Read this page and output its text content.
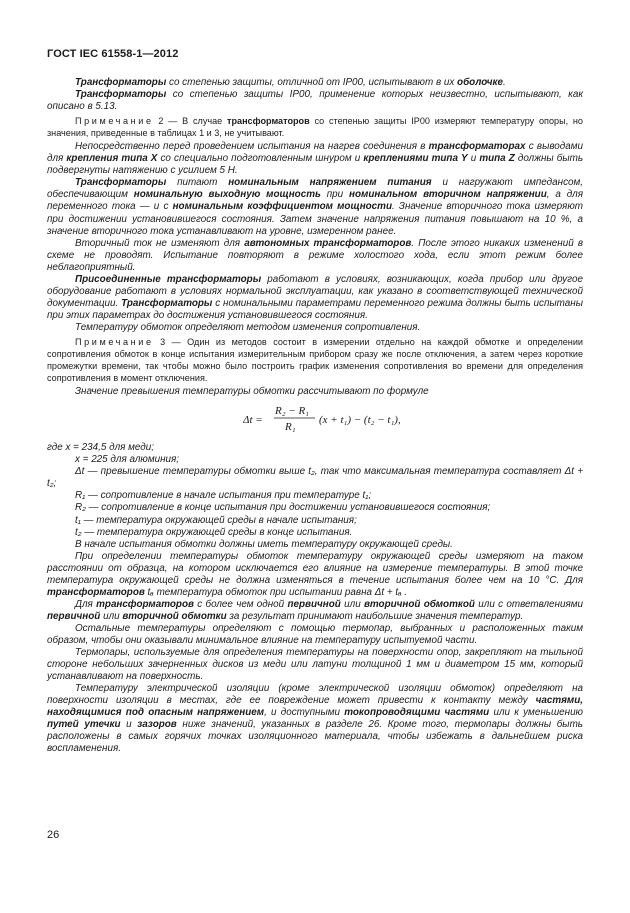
ГОСТ IEC 61558-1—2012

Трансформаторы со степенью защиты, отличной от IP00, испытывают в их оболочке.

Трансформаторы со степенью защиты IP00, применение которых неизвестно, испытывают, как описано в 5.13.

Примечание 2 — В случае трансформаторов со степенью защиты IP00 измеряют температуру опоры, но значения, приведенные в таблицах 1 и 3, не учитывают.

Непосредственно перед проведением испытания на нагрев соединения в трансформаторах с выводами для крепления типа X со специально подготовленным шнуром и креплениями типа Y и типа Z должны быть подвергнуты натяжению с усилием 5 Н.

Трансформаторы питают номинальным напряжением питания и нагружают импедансом, обеспечивающим номинальную выходную мощность при номинальном вторичном напряжении, а для переменного тока — и с номинальным коэффициентом мощности. Значение вторичного тока измеряют при достижении установившегося состояния. Затем значение напряжения питания повышают на 10 %, а значение вторичного тока устанавливают на уровне, измеренном ранее.

Вторичный ток не изменяют для автономных трансформаторов. После этого никаких изменений в схеме не проводят. Испытание повторяют в режиме холостого хода, если этот режим более неблагоприятный.

Присоединенные трансформаторы работают в условиях, возникающих, когда прибор или другое оборудование работают в условиях нормальной эксплуатации, как указано в соответствующей технической документации. Трансформаторы с номинальными параметрами переменного режима должны быть испытаны при этих параметрах до достижения установившегося состояния.

Температуру обмоток определяют методом изменения сопротивления.

Примечание 3 — Один из методов состоит в измерении отдельно на каждой обмотке и определении сопротивления обмоток в конце испытания измерительным прибором сразу же после отключения, а затем через короткие промежутки времени, так чтобы можно было построить график изменения сопротивления во времени для определения сопротивления в момент отключения.

Значение превышения температуры обмотки рассчитывают по формуле

Δt =
R₂ − R₁
R₁
(x + t₁) − (t₂ − t₁),

где x = 234,5 для меди;

x = 225 для алюминия;

Δt — превышение температуры обмотки выше t₂, так что максимальная температура составляет Δt + t₂;

R₁ — сопротивление в начале испытания при температуре t₁;

R₂ — сопротивление в конце испытания при достижении установившегося состояния;

t₁ — температура окружающей среды в начале испытания;

t₂ — температура окружающей среды в конце испытания.

В начале испытания обмотки должны иметь температуру окружающей среды.

При определении температуры обмоток температуру окружающей среды измеряют на таком расстоянии от образца, на котором исключается его влияние на измерение температуры. В этой точке температура окружающей среды не должна изменяться в течение испытания более чем на 10 °С. Для трансформаторов tₐ температура обмоток при испытании равна Δt + tₐ .

Для трансформаторов с более чем одной первичной или вторичной обмоткой или с ответвлениями первичной или вторичной обмотки за результат принимают наибольшие значения температур.

Остальные температуры определяют с помощью термопар, выбранных и расположенных таким образом, чтобы они оказывали минимальное влияние на температуру испытуемой части.

Термопары, используемые для определения температуры на поверхности опор, закрепляют на тыльной стороне небольших зачерненных дисков из меди или латуни толщиной 1 мм и диаметром 15 мм, который устанавливают на поверхность.

Температуру электрической изоляции (кроме электрической изоляции обмоток) определяют на поверхности изоляции в местах, где ее повреждение может привести к контакту между частями, находящимися под опасным напряжением, и доступными токопроводящими частями или к уменьшению путей утечки и зазоров ниже значений, указанных в разделе 26. Кроме того, термопары должны быть расположены в самых горячих точках изоляционного материала, чтобы избежать в дальнейшем риска воспламенения.

26
